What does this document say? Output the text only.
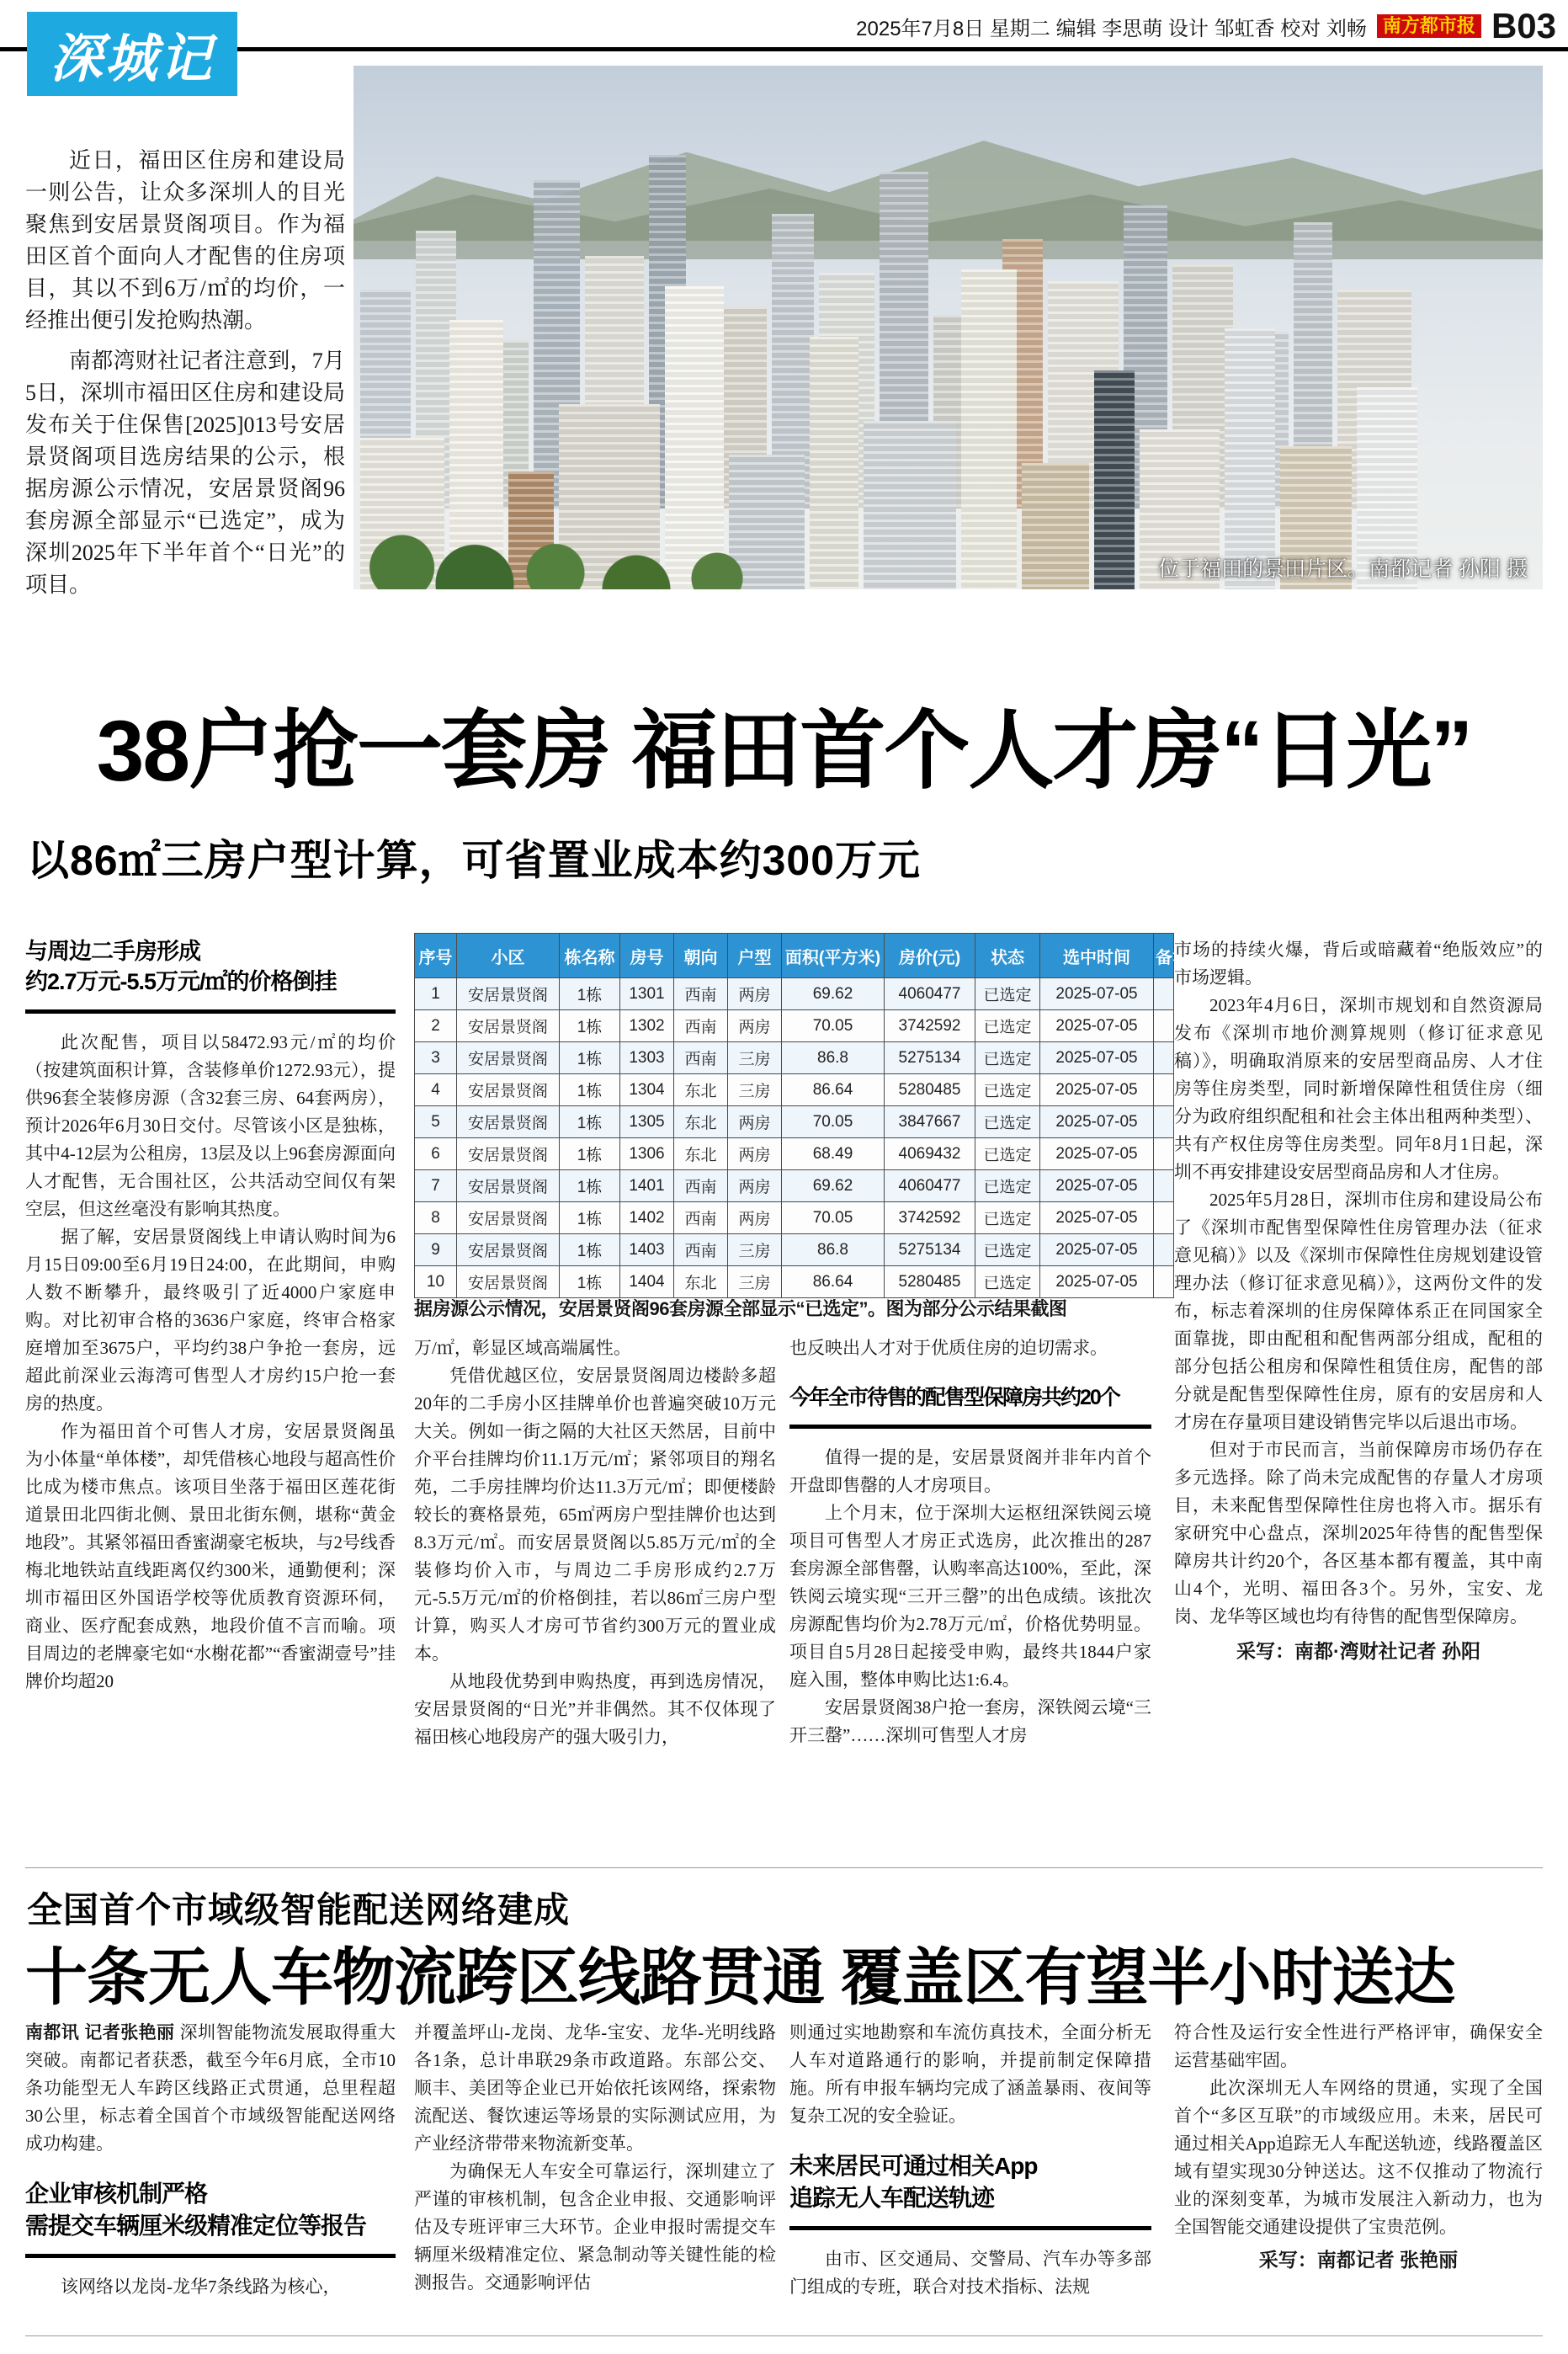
深城记
2025年7月8日 星期二 编辑 李思萌 设计 邹虹香 校对 刘畅 南方都市报 B03
位于福田的景田片区。南都记者 孙阳 摄

近日，福田区住房和建设局一则公告，让众多深圳人的目光聚焦到安居景贤阁项目。作为福田区首个面向人才配售的住房项目，其以不到6万/㎡的均价，一经推出便引发抢购热潮。

南都湾财社记者注意到，7月5日，深圳市福田区住房和建设局发布关于住保售[2025]013号安居景贤阁项目选房结果的公示，根据房源公示情况，安居景贤阁96套房源全部显示“已选定”，成为深圳2025年下半年首个“日光”的项目。

38户抢一套房 福田首个人才房“日光”
以86㎡三房户型计算，可省置业成本约300万元
与周边二手房形成
约2.7万元-5.5万元/㎡的价格倒挂

此次配售，项目以58472.93元/㎡的均价（按建筑面积计算，含装修单价1272.93元），提供96套全装修房源（含32套三房、64套两房），预计2026年6月30日交付。尽管该小区是独栋，其中4-12层为公租房，13层及以上96套房源面向人才配售，无合围社区，公共活动空间仅有架空层，但这丝毫没有影响其热度。

据了解，安居景贤阁线上申请认购时间为6月15日09:00至6月19日24:00，在此期间，申购人数不断攀升，最终吸引了近4000户家庭申购。对比初审合格的3636户家庭，终审合格家庭增加至3675户，平均约38户争抢一套房，远超此前深业云海湾可售型人才房约15户抢一套房的热度。

作为福田首个可售人才房，安居景贤阁虽为小体量“单体楼”，却凭借核心地段与超高性价比成为楼市焦点。该项目坐落于福田区莲花街道景田北四街北侧、景田北街东侧，堪称“黄金地段”。其紧邻福田香蜜湖豪宅板块，与2号线香梅北地铁站直线距离仅约300米，通勤便利；深圳市福田区外国语学校等优质教育资源环伺，商业、医疗配套成熟，地段价值不言而喻。项目周边的老牌豪宅如“水榭花都”“香蜜湖壹号”挂牌价均超20

序号	小区	栋名称	房号	朝向	户型	面积(平方米)	房价(元)	状态	选中时间	备注
1	安居景贤阁	1栋	1301	西南	两房	69.62	4060477	已选定	2025-07-05	
2	安居景贤阁	1栋	1302	西南	两房	70.05	3742592	已选定	2025-07-05	
3	安居景贤阁	1栋	1303	西南	三房	86.8	5275134	已选定	2025-07-05	
4	安居景贤阁	1栋	1304	东北	三房	86.64	5280485	已选定	2025-07-05	
5	安居景贤阁	1栋	1305	东北	两房	70.05	3847667	已选定	2025-07-05	
6	安居景贤阁	1栋	1306	东北	两房	68.49	4069432	已选定	2025-07-05	
7	安居景贤阁	1栋	1401	西南	两房	69.62	4060477	已选定	2025-07-05	
8	安居景贤阁	1栋	1402	西南	两房	70.05	3742592	已选定	2025-07-05	
9	安居景贤阁	1栋	1403	西南	三房	86.8	5275134	已选定	2025-07-05	
10	安居景贤阁	1栋	1404	东北	三房	86.64	5280485	已选定	2025-07-05	
据房源公示情况，安居景贤阁96套房源全部显示“已选定”。图为部分公示结果截图

万/㎡，彰显区域高端属性。

凭借优越区位，安居景贤阁周边楼龄多超20年的二手房小区挂牌单价也普遍突破10万元大关。例如一街之隔的大社区天然居，目前中介平台挂牌均价11.1万元/㎡；紧邻项目的翔名苑，二手房挂牌均价达11.3万元/㎡；即便楼龄较长的赛格景苑，65㎡两房户型挂牌价也达到8.3万元/㎡。而安居景贤阁以5.85万元/㎡的全装修均价入市，与周边二手房形成约2.7万元-5.5万元/㎡的价格倒挂，若以86㎡三房户型计算，购买人才房可节省约300万元的置业成本。

从地段优势到申购热度，再到选房情况，安居景贤阁的“日光”并非偶然。其不仅体现了福田核心地段房产的强大吸引力，

也反映出人才对于优质住房的迫切需求。

今年全市待售的配售型保障房共约20个

值得一提的是，安居景贤阁并非年内首个开盘即售罄的人才房项目。

上个月末，位于深圳大运枢纽深铁阅云境项目可售型人才房正式选房，此次推出的287套房源全部售罄，认购率高达100%，至此，深铁阅云境实现“三开三罄”的出色成绩。该批次房源配售均价为2.78万元/㎡，价格优势明显。项目自5月28日起接受申购，最终共1844户家庭入围，整体申购比达1:6.4。

安居景贤阁38户抢一套房，深铁阅云境“三开三罄”……深圳可售型人才房

市场的持续火爆，背后或暗藏着“绝版效应”的市场逻辑。

2023年4月6日，深圳市规划和自然资源局发布《深圳市地价测算规则（修订征求意见稿）》，明确取消原来的安居型商品房、人才住房等住房类型，同时新增保障性租赁住房（细分为政府组织配租和社会主体出租两种类型）、共有产权住房等住房类型。同年8月1日起，深圳不再安排建设安居型商品房和人才住房。

2025年5月28日，深圳市住房和建设局公布了《深圳市配售型保障性住房管理办法（征求意见稿）》以及《深圳市保障性住房规划建设管理办法（修订征求意见稿）》，这两份文件的发布，标志着深圳的住房保障体系正在同国家全面靠拢，即由配租和配售两部分组成，配租的部分包括公租房和保障性租赁住房，配售的部分就是配售型保障性住房，原有的安居房和人才房在存量项目建设销售完毕以后退出市场。

但对于市民而言，当前保障房市场仍存在多元选择。除了尚未完成配售的存量人才房项目，未来配售型保障性住房也将入市。据乐有家研究中心盘点，深圳2025年待售的配售型保障房共计约20个，各区基本都有覆盖，其中南山4个，光明、福田各3个。另外，宝安、龙岗、龙华等区域也均有待售的配售型保障房。

采写：南都·湾财社记者 孙阳

全国首个市域级智能配送网络建成
十条无人车物流跨区线路贯通 覆盖区有望半小时送达

南都讯 记者张艳丽 深圳智能物流发展取得重大突破。南都记者获悉，截至今年6月底，全市10条功能型无人车跨区线路正式贯通，总里程超30公里，标志着全国首个市域级智能配送网络成功构建。

企业审核机制严格
需提交车辆厘米级精准定位等报告

该网络以龙岗-龙华7条线路为核心，

并覆盖坪山-龙岗、龙华-宝安、龙华-光明线路各1条，总计串联29条市政道路。东部公交、顺丰、美团等企业已开始依托该网络，探索物流配送、餐饮速运等场景的实际测试应用，为产业经济带带来物流新变革。

为确保无人车安全可靠运行，深圳建立了严谨的审核机制，包含企业申报、交通影响评估及专班评审三大环节。企业申报时需提交车辆厘米级精准定位、紧急制动等关键性能的检测报告。交通影响评估

则通过实地勘察和车流仿真技术，全面分析无人车对道路通行的影响，并提前制定保障措施。所有申报车辆均完成了涵盖暴雨、夜间等复杂工况的安全验证。

未来居民可通过相关App
追踪无人车配送轨迹

由市、区交通局、交警局、汽车办等多部门组成的专班，联合对技术指标、法规

符合性及运行安全性进行严格评审，确保安全运营基础牢固。

此次深圳无人车网络的贯通，实现了全国首个“多区互联”的市域级应用。未来，居民可通过相关App追踪无人车配送轨迹，线路覆盖区域有望实现30分钟送达。这不仅推动了物流行业的深刻变革，为城市发展注入新动力，也为全国智能交通建设提供了宝贵范例。

采写：南都记者 张艳丽
